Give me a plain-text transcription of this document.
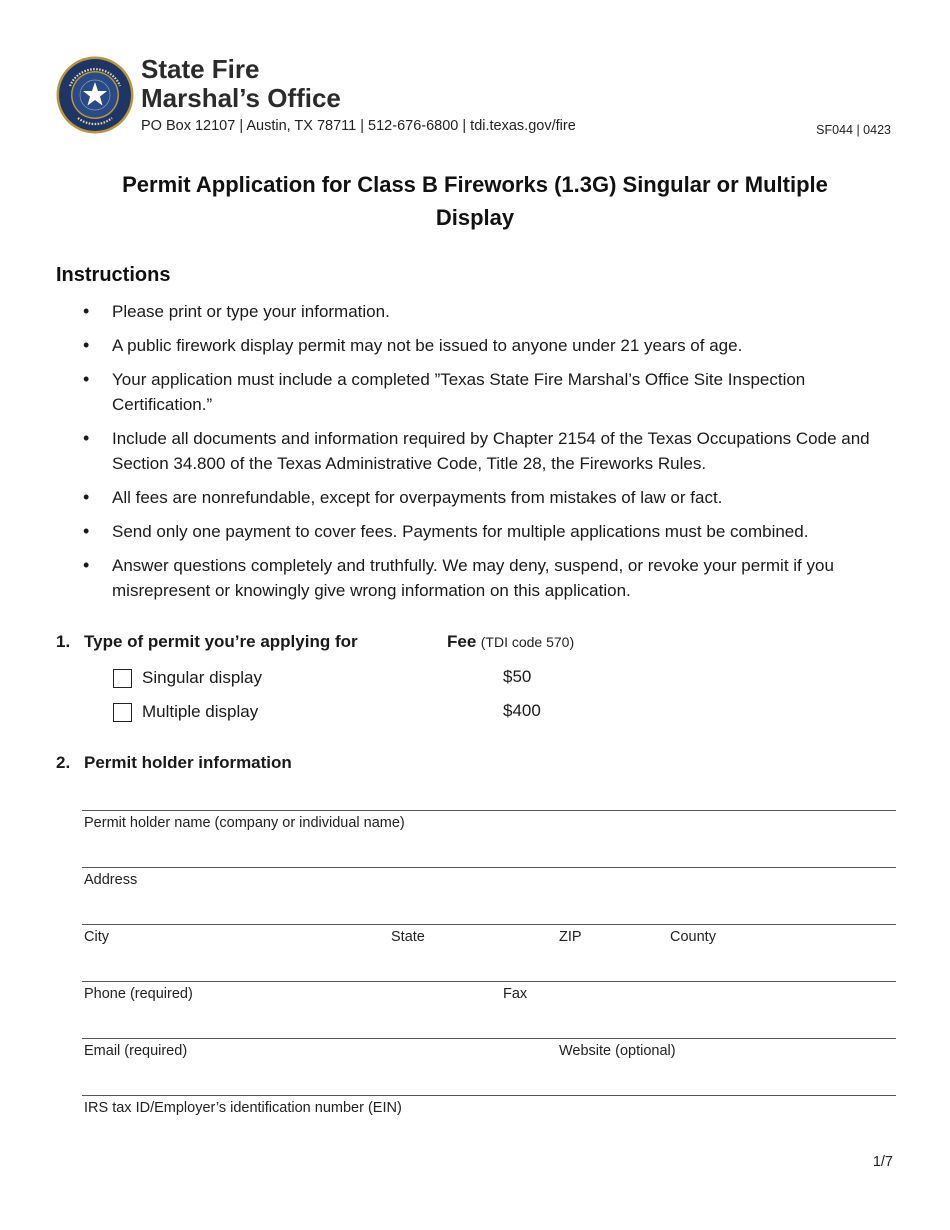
State Fire
Marshal’s Office
PO Box 12107 | Austin, TX 78711 | 512-676-6800 | tdi.texas.gov/fire	SF044 | 0423
Permit Application for Class B Fireworks (1.3G) Singular or Multiple
Display
Instructions
• Please print or type your information.
• A public firework display permit may not be issued to anyone under 21 years of age.
• Your application must include a completed ”Texas State Fire Marshal’s Office Site Inspection Certification.”
• Include all documents and information required by Chapter 2154 of the Texas Occupations Code and Section 34.800 of the Texas Administrative Code, Title 28, the Fireworks Rules.
• All fees are nonrefundable, except for overpayments from mistakes of law or fact.
• Send only one payment to cover fees. Payments for multiple applications must be combined.
• Answer questions completely and truthfully. We may deny, suspend, or revoke your permit if you misrepresent or knowingly give wrong information on this application.
1. Type of permit you’re applying for	Fee (TDI code 570)
Singular display	$50
Multiple display	$400
2. Permit holder information
Permit holder name (company or individual name)
Address
City	State	ZIP	County
Phone (required)	Fax
Email (required)	Website (optional)
IRS tax ID/Employer’s identification number (EIN)
1/7
